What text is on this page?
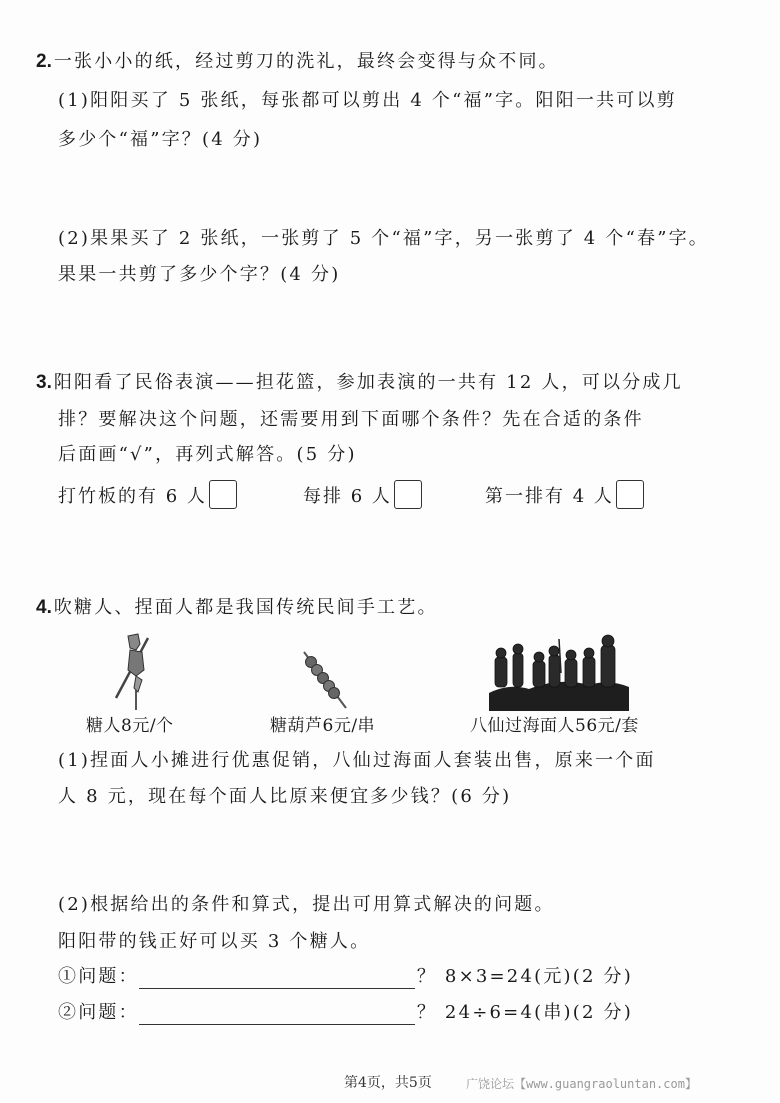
2. 一张小小的纸，经过剪刀的洗礼，最终会变得与众不同。
(1)阳阳买了 5 张纸，每张都可以剪出 4 个“福”字。阳阳一共可以剪
多少个“福”字？(4 分)
(2)果果买了 2 张纸，一张剪了 5 个“福”字，另一张剪了 4 个“春”字。
果果一共剪了多少个字？(4 分)
3. 阳阳看了民俗表演——担花篮，参加表演的一共有 12 人，可以分成几
排？要解决这个问题，还需要用到下面哪个条件？先在合适的条件
后面画“√”，再列式解答。(5 分)
打竹板的有 6 人	每排 6 人	第一排有 4 人
4. 吹糖人、捏面人都是我国传统民间手工艺。
糖人8元/个	糖葫芦6元/串	八仙过海面人56元/套
(1)捏面人小摊进行优惠促销，八仙过海面人套装出售，原来一个面
人 8 元，现在每个面人比原来便宜多少钱？(6 分)
(2)根据给出的条件和算式，提出可用算式解决的问题。
阳阳带的钱正好可以买 3 个糖人。
①问题：	？ 8×3=24(元)(2 分)
②问题：	？ 24÷6=4(串)(2 分)
第4页，共5页	广饶论坛【www.guangraoluntan.com】
